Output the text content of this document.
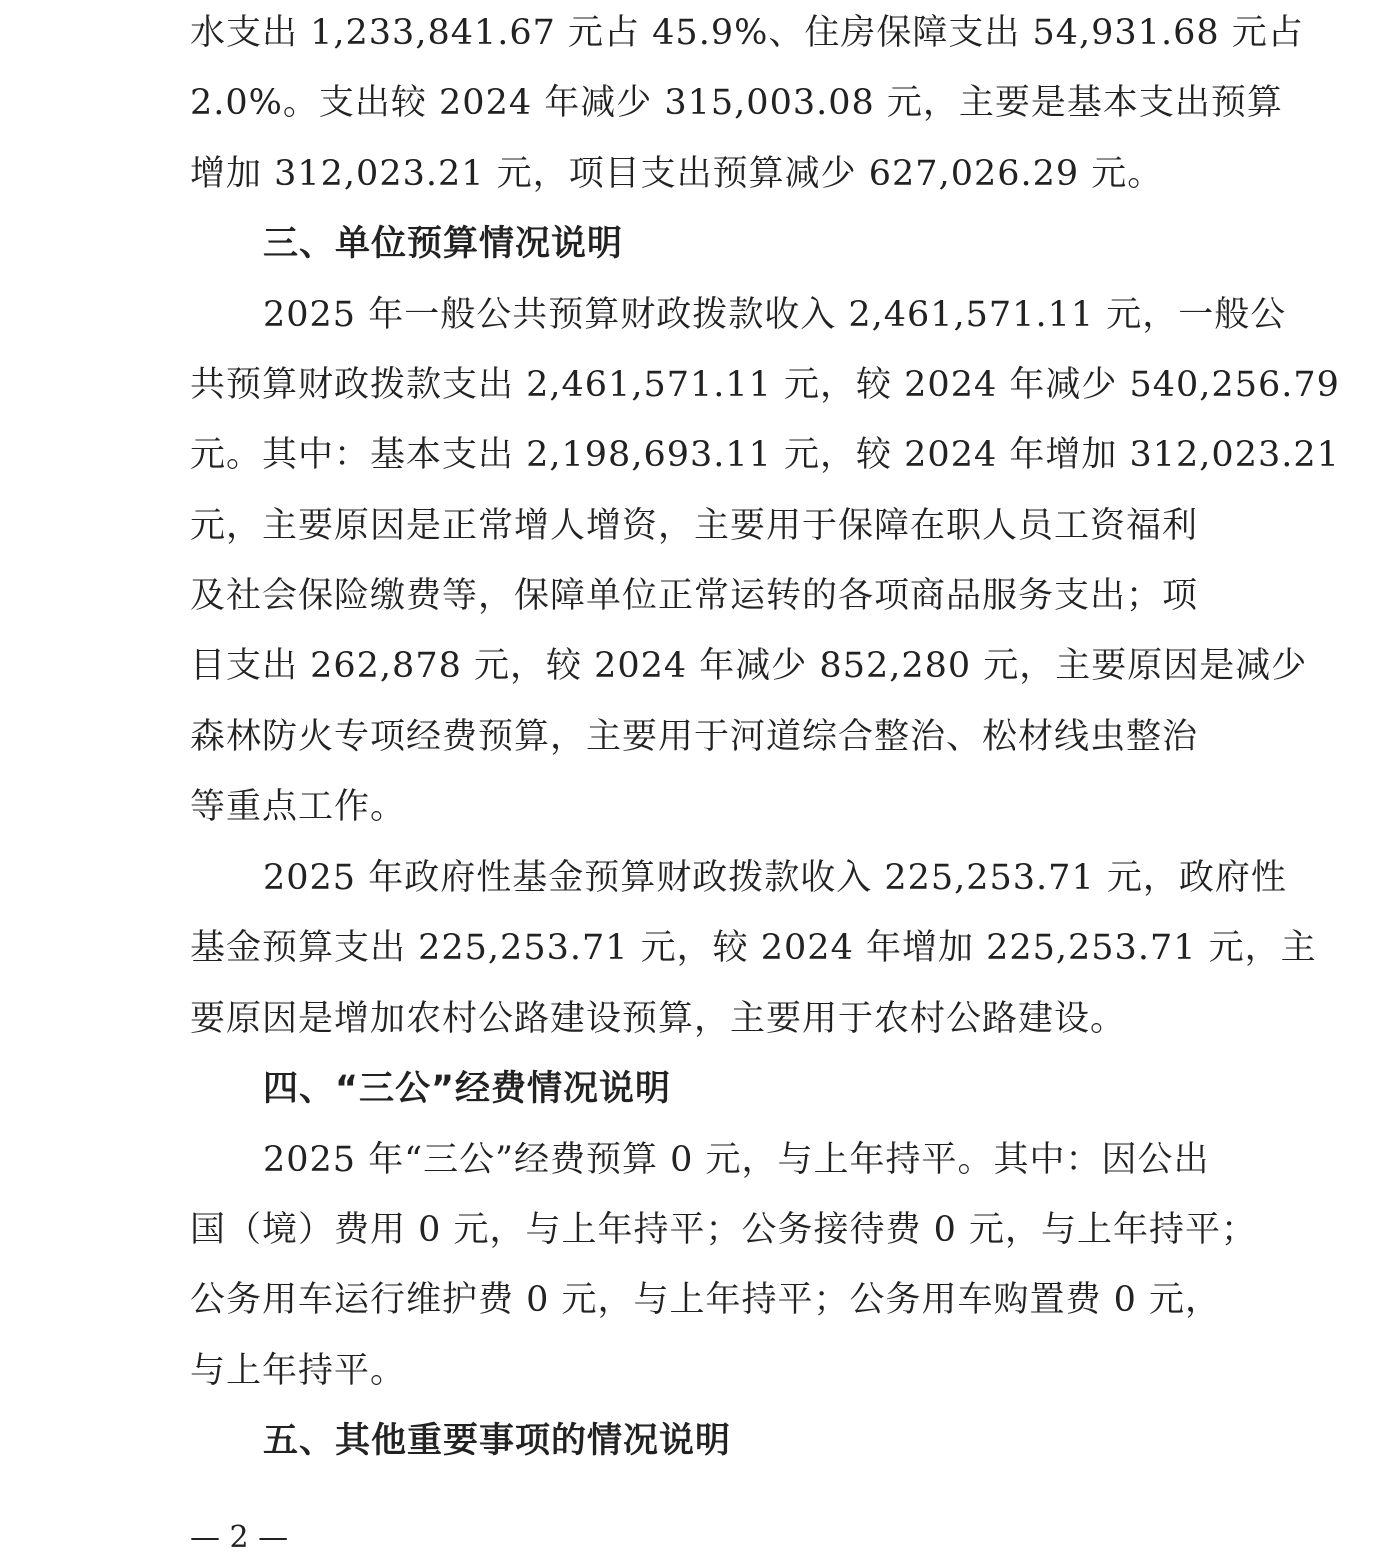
水支出 1,233,841.67 元占 45.9%、住房保障支出 54,931.68 元占
2.0%。支出较 2024 年减少 315,003.08 元，主要是基本支出预算
增加 312,023.21 元，项目支出预算减少 627,026.29 元。
三、单位预算情况说明
2025 年一般公共预算财政拨款收入 2,461,571.11 元，一般公
共预算财政拨款支出 2,461,571.11 元，较 2024 年减少 540,256.79
元。其中：基本支出 2,198,693.11 元，较 2024 年增加 312,023.21
元，主要原因是正常增人增资，主要用于保障在职人员工资福利
及社会保险缴费等，保障单位正常运转的各项商品服务支出；项
目支出 262,878 元，较 2024 年减少 852,280 元，主要原因是减少
森林防火专项经费预算，主要用于河道综合整治、松材线虫整治
等重点工作。
2025 年政府性基金预算财政拨款收入 225,253.71 元，政府性
基金预算支出 225,253.71 元，较 2024 年增加 225,253.71 元，主
要原因是增加农村公路建设预算，主要用于农村公路建设。
四、“三公”经费情况说明
2025 年“三公”经费预算 0 元，与上年持平。其中：因公出
国（境）费用 0 元，与上年持平；公务接待费 0 元，与上年持平；
公务用车运行维护费 0 元，与上年持平；公务用车购置费 0 元，
与上年持平。
五、其他重要事项的情况说明
— 2 —
